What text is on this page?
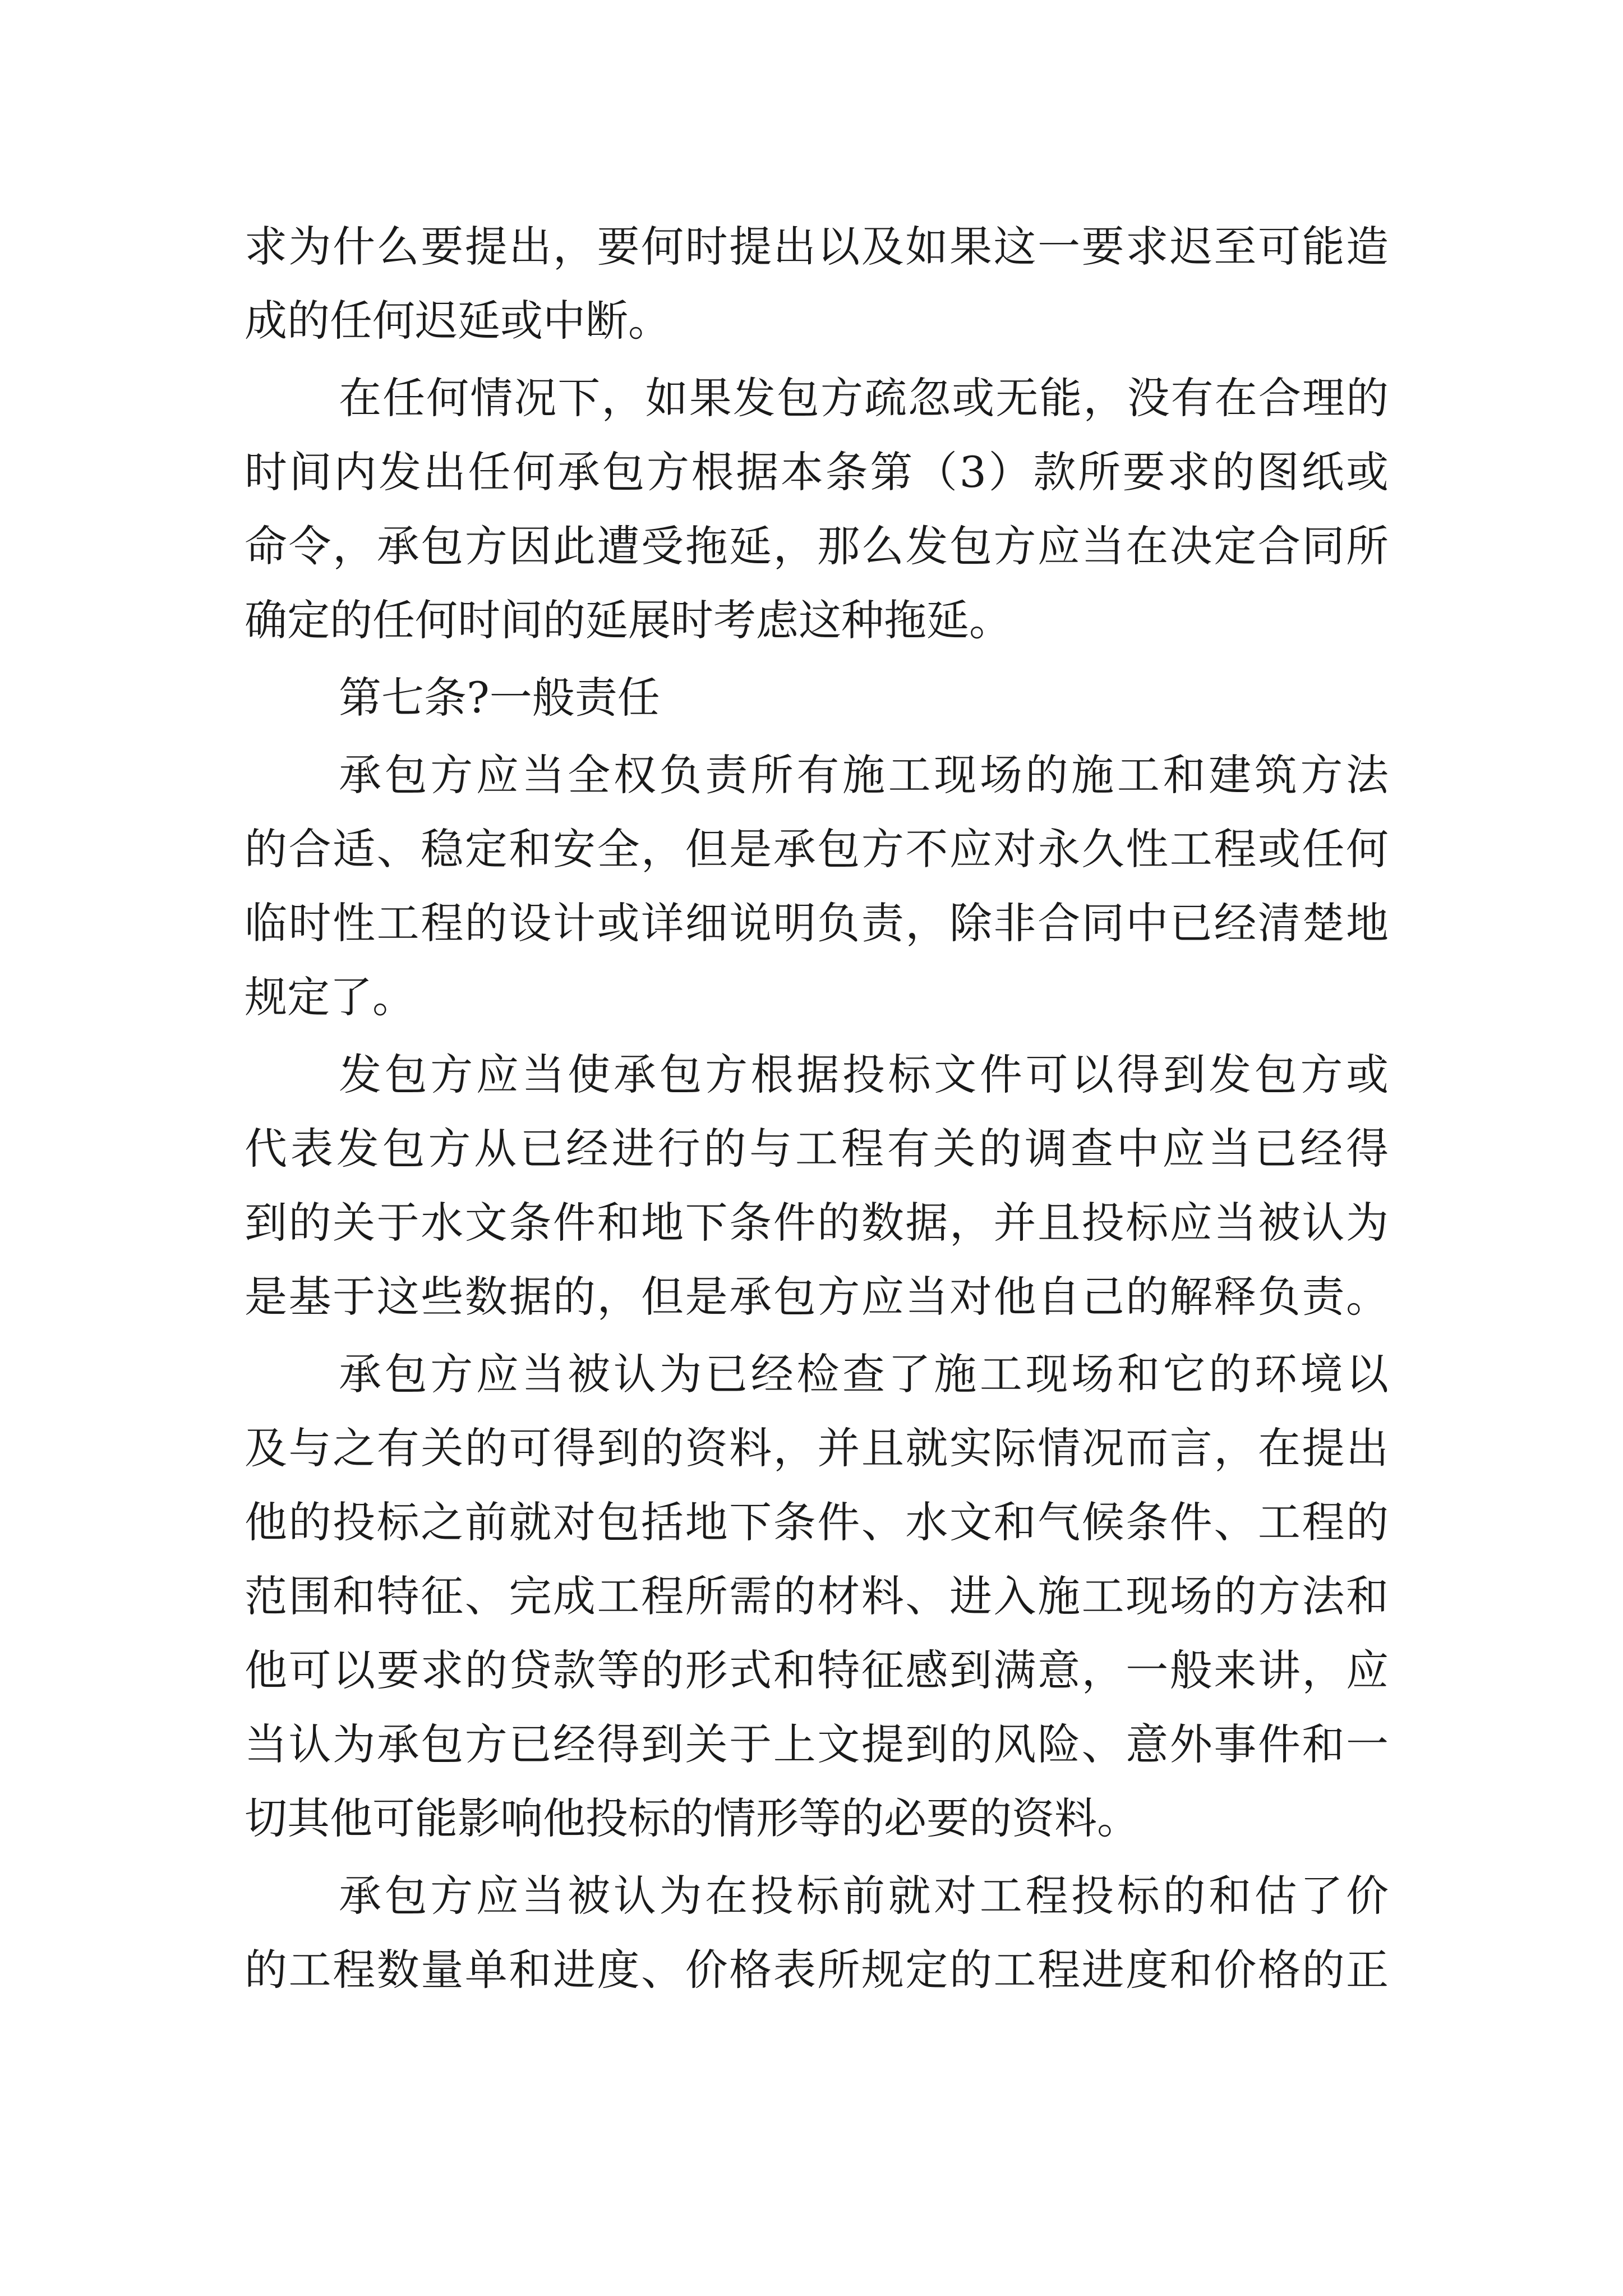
求为什么要提出，要何时提出以及如果这一要求迟至可能造
成的任何迟延或中断。
在任何情况下，如果发包方疏忽或无能，没有在合理的
时间内发出任何承包方根据本条第（3）款所要求的图纸或
命令，承包方因此遭受拖延，那么发包方应当在决定合同所
确定的任何时间的延展时考虑这种拖延。
第七条?一般责任
承包方应当全权负责所有施工现场的施工和建筑方法
的合适、稳定和安全，但是承包方不应对永久性工程或任何
临时性工程的设计或详细说明负责，除非合同中已经清楚地
规定了。
发包方应当使承包方根据投标文件可以得到发包方或
代表发包方从已经进行的与工程有关的调查中应当已经得
到的关于水文条件和地下条件的数据，并且投标应当被认为
是基于这些数据的，但是承包方应当对他自己的解释负责。
承包方应当被认为已经检查了施工现场和它的环境以
及与之有关的可得到的资料，并且就实际情况而言，在提出
他的投标之前就对包括地下条件、水文和气候条件、工程的
范围和特征、完成工程所需的材料、进入施工现场的方法和
他可以要求的贷款等的形式和特征感到满意，一般来讲，应
当认为承包方已经得到关于上文提到的风险、意外事件和一
切其他可能影响他投标的情形等的必要的资料。
承包方应当被认为在投标前就对工程投标的和估了价
的工程数量单和进度、价格表所规定的工程进度和价格的正
